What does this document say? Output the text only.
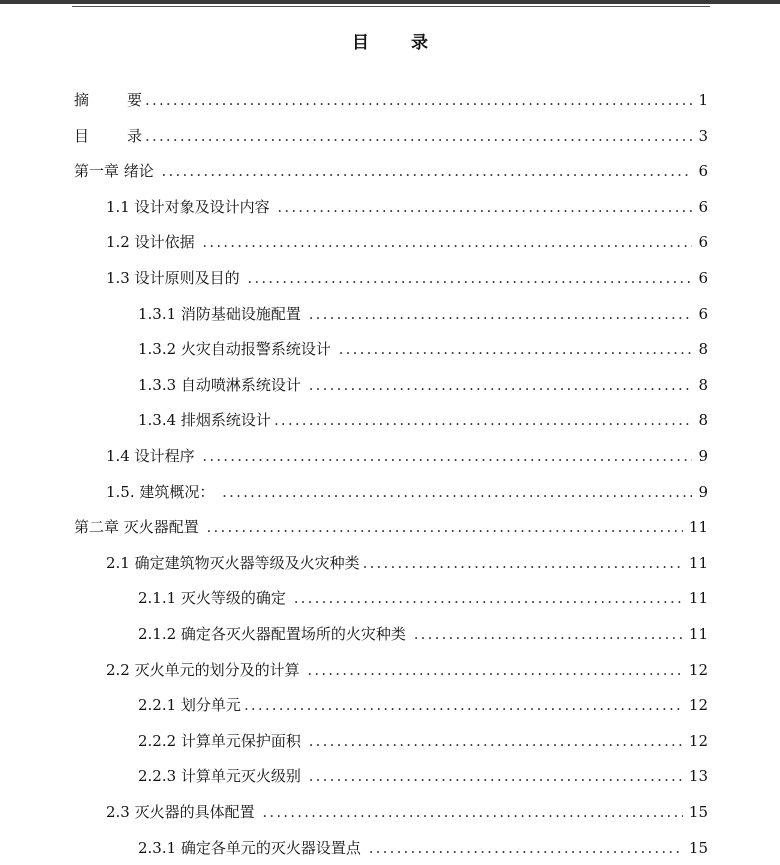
目录
摘	要 .....	1
目	录 .....	3
第一章 绪论 .....	6
1.1 设计对象及设计内容 .....	6
1.2 设计依据 .....	6
1.3 设计原则及目的 .....	6
1.3.1 消防基础设施配置 .....	6
1.3.2 火灾自动报警系统设计 .....	8
1.3.3 自动喷淋系统设计 .....	8
1.3.4 排烟系统设计 .....	8
1.4 设计程序 .....	9
1.5. 建筑概况： .....	9
第二章 灭火器配置 .....	11
2.1 确定建筑物灭火器等级及火灾种类 .....	11
2.1.1 灭火等级的确定 .....	11
2.1.2 确定各灭火器配置场所的火灾种类 .....	11
2.2 灭火单元的划分及的计算 .....	12
2.2.1 划分单元 .....	12
2.2.2 计算单元保护面积 .....	12
2.2.3 计算单元灭火级别 .....	13
2.3 灭火器的具体配置 .....	15
2.3.1 确定各单元的灭火器设置点 .....	15
